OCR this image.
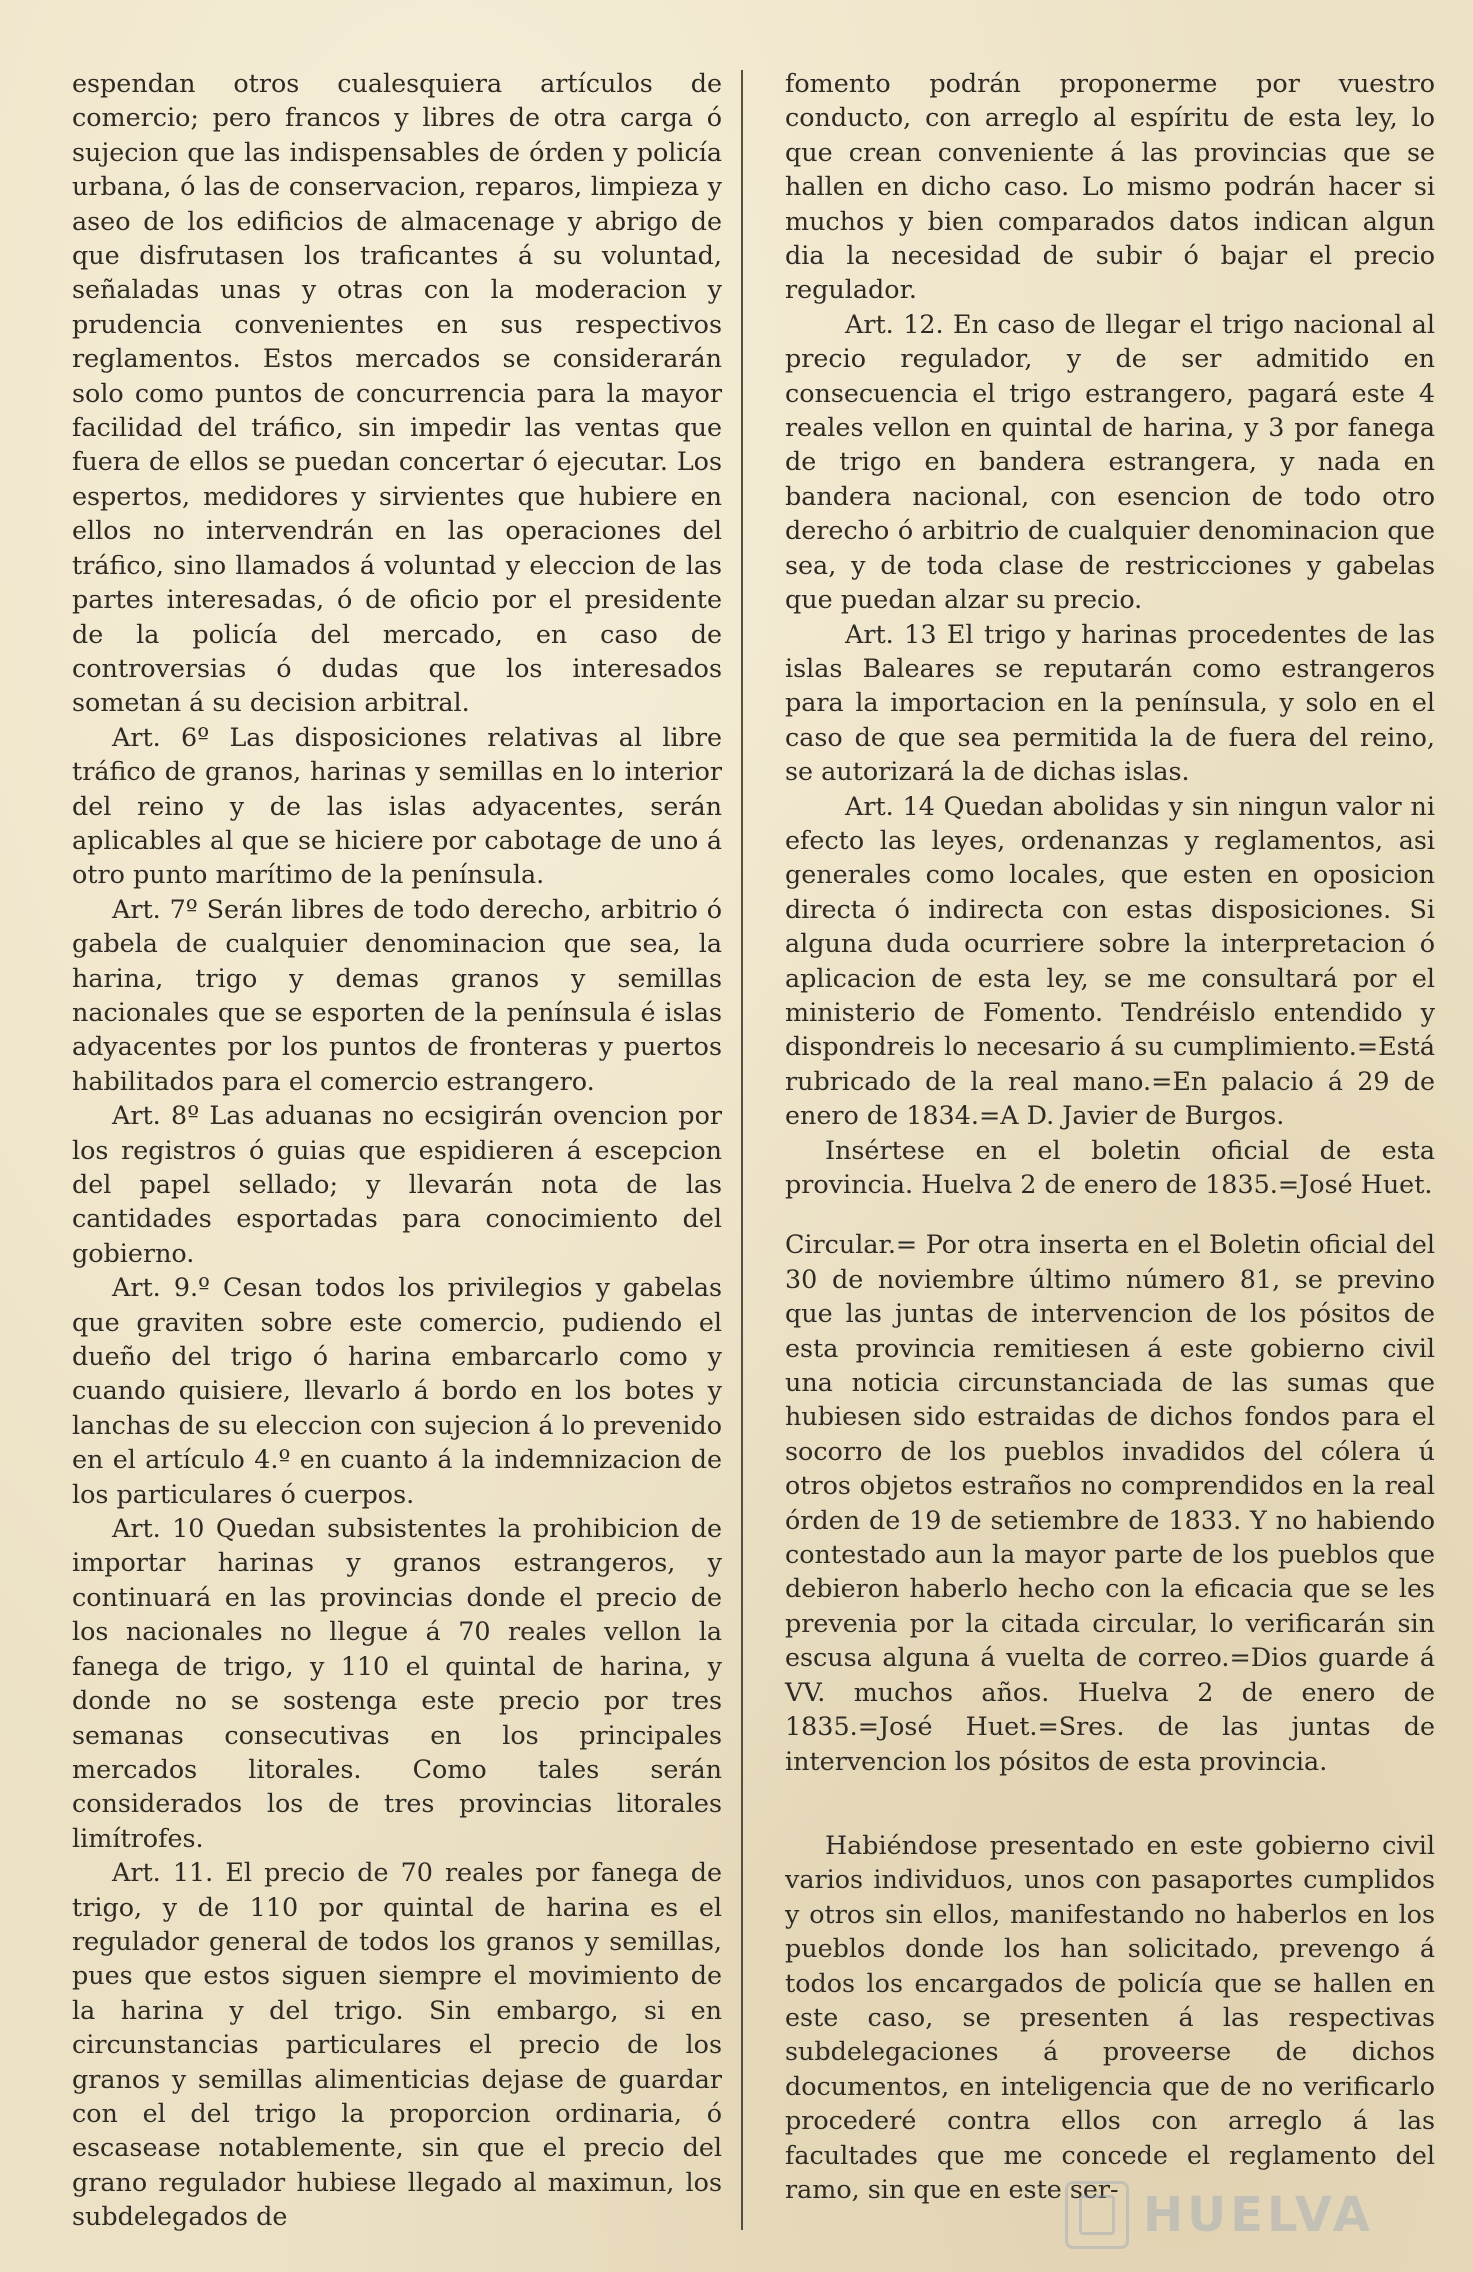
espendan otros cualesquiera artículos de comercio; pero francos y libres de otra carga ó sujecion que las indispensables de órden y policía urbana, ó las de conservacion, reparos, limpieza y aseo de los edificios de almacenage y abrigo de que disfrutasen los traficantes á su voluntad, señaladas unas y otras con la moderacion y prudencia convenientes en sus respectivos reglamentos. Estos mercados se considerarán solo como puntos de concurrencia para la mayor facilidad del tráfico, sin impedir las ventas que fuera de ellos se puedan concertar ó ejecutar. Los espertos, medidores y sirvientes que hubiere en ellos no intervendrán en las operaciones del tráfico, sino llamados á voluntad y eleccion de las partes interesadas, ó de oficio por el presidente de la policía del mercado, en caso de controversias ó dudas que los interesados sometan á su decision arbitral.

Art. 6º Las disposiciones relativas al libre tráfico de granos, harinas y semillas en lo interior del reino y de las islas adyacentes, serán aplicables al que se hiciere por cabotage de uno á otro punto marítimo de la península.

Art. 7º Serán libres de todo derecho, arbitrio ó gabela de cualquier denominacion que sea, la harina, trigo y demas granos y semillas nacionales que se esporten de la península é islas adyacentes por los puntos de fronteras y puertos habilitados para el comercio estrangero.

Art. 8º Las aduanas no ecsigirán ovencion por los registros ó guias que espidieren á escepcion del papel sellado; y llevarán nota de las cantidades esportadas para conocimiento del gobierno.

Art. 9.º Cesan todos los privilegios y gabelas que graviten sobre este comercio, pudiendo el dueño del trigo ó harina embarcarlo como y cuando quisiere, llevarlo á bordo en los botes y lanchas de su eleccion con sujecion á lo prevenido en el artículo 4.º en cuanto á la indemnizacion de los particulares ó cuerpos.

Art. 10 Quedan subsistentes la prohibicion de importar harinas y granos estrangeros, y continuará en las provincias donde el precio de los nacionales no llegue á 70 reales vellon la fanega de trigo, y 110 el quintal de harina, y donde no se sostenga este precio por tres semanas consecutivas en los principales mercados litorales. Como tales serán considerados los de tres provincias litorales limítrofes.

Art. 11. El precio de 70 reales por fanega de trigo, y de 110 por quintal de harina es el regulador general de todos los granos y semillas, pues que estos siguen siempre el movimiento de la harina y del trigo. Sin embargo, si en circunstancias particulares el precio de los granos y semillas alimenticias dejase de guardar con el del trigo la proporcion ordinaria, ó escasease notablemente, sin que el precio del grano regulador hubiese llegado al maximun, los subdelegados de

fomento podrán proponerme por vuestro conducto, con arreglo al espíritu de esta ley, lo que crean conveniente á las provincias que se hallen en dicho caso. Lo mismo podrán hacer si muchos y bien comparados datos indican algun dia la necesidad de subir ó bajar el precio regulador.

Art. 12. En caso de llegar el trigo nacional al precio regulador, y de ser admitido en consecuencia el trigo estrangero, pagará este 4 reales vellon en quintal de harina, y 3 por fanega de trigo en bandera estrangera, y nada en bandera nacional, con esencion de todo otro derecho ó arbitrio de cualquier denominacion que sea, y de toda clase de restricciones y gabelas que puedan alzar su precio.

Art. 13 El trigo y harinas procedentes de las islas Baleares se reputarán como estrangeros para la importacion en la península, y solo en el caso de que sea permitida la de fuera del reino, se autorizará la de dichas islas.

Art. 14 Quedan abolidas y sin ningun valor ni efecto las leyes, ordenanzas y reglamentos, asi generales como locales, que esten en oposicion directa ó indirecta con estas disposiciones. Si alguna duda ocurriere sobre la interpretacion ó aplicacion de esta ley, se me consultará por el ministerio de Fomento. Tendréislo entendido y dispondreis lo necesario á su cumplimiento.=Está rubricado de la real mano.=En palacio á 29 de enero de 1834.=A D. Javier de Burgos.

Insértese en el boletin oficial de esta provincia. Huelva 2 de enero de 1835.=José Huet.

Circular.= Por otra inserta en el Boletin oficial del 30 de noviembre último número 81, se previno que las juntas de intervencion de los pósitos de esta provincia remitiesen á este gobierno civil una noticia circunstanciada de las sumas que hubiesen sido estraidas de dichos fondos para el socorro de los pueblos invadidos del cólera ú otros objetos estraños no comprendidos en la real órden de 19 de setiembre de 1833. Y no habiendo contestado aun la mayor parte de los pueblos que debieron haberlo hecho con la eficacia que se les prevenia por la citada circular, lo verificarán sin escusa alguna á vuelta de correo.=Dios guarde á VV. muchos años. Huelva 2 de enero de 1835.=José Huet.=Sres. de las juntas de intervencion los pósitos de esta provincia.

Habiéndose presentado en este gobierno civil varios individuos, unos con pasaportes cumplidos y otros sin ellos, manifestando no haberlos en los pueblos donde los han solicitado, prevengo á todos los encargados de policía que se hallen en este caso, se presenten á las respectivas subdelegaciones á proveerse de dichos documentos, en inteligencia que de no verificarlo procederé contra ellos con arreglo á las facultades que me concede el reglamento del ramo, sin que en este ser- HUELVA
